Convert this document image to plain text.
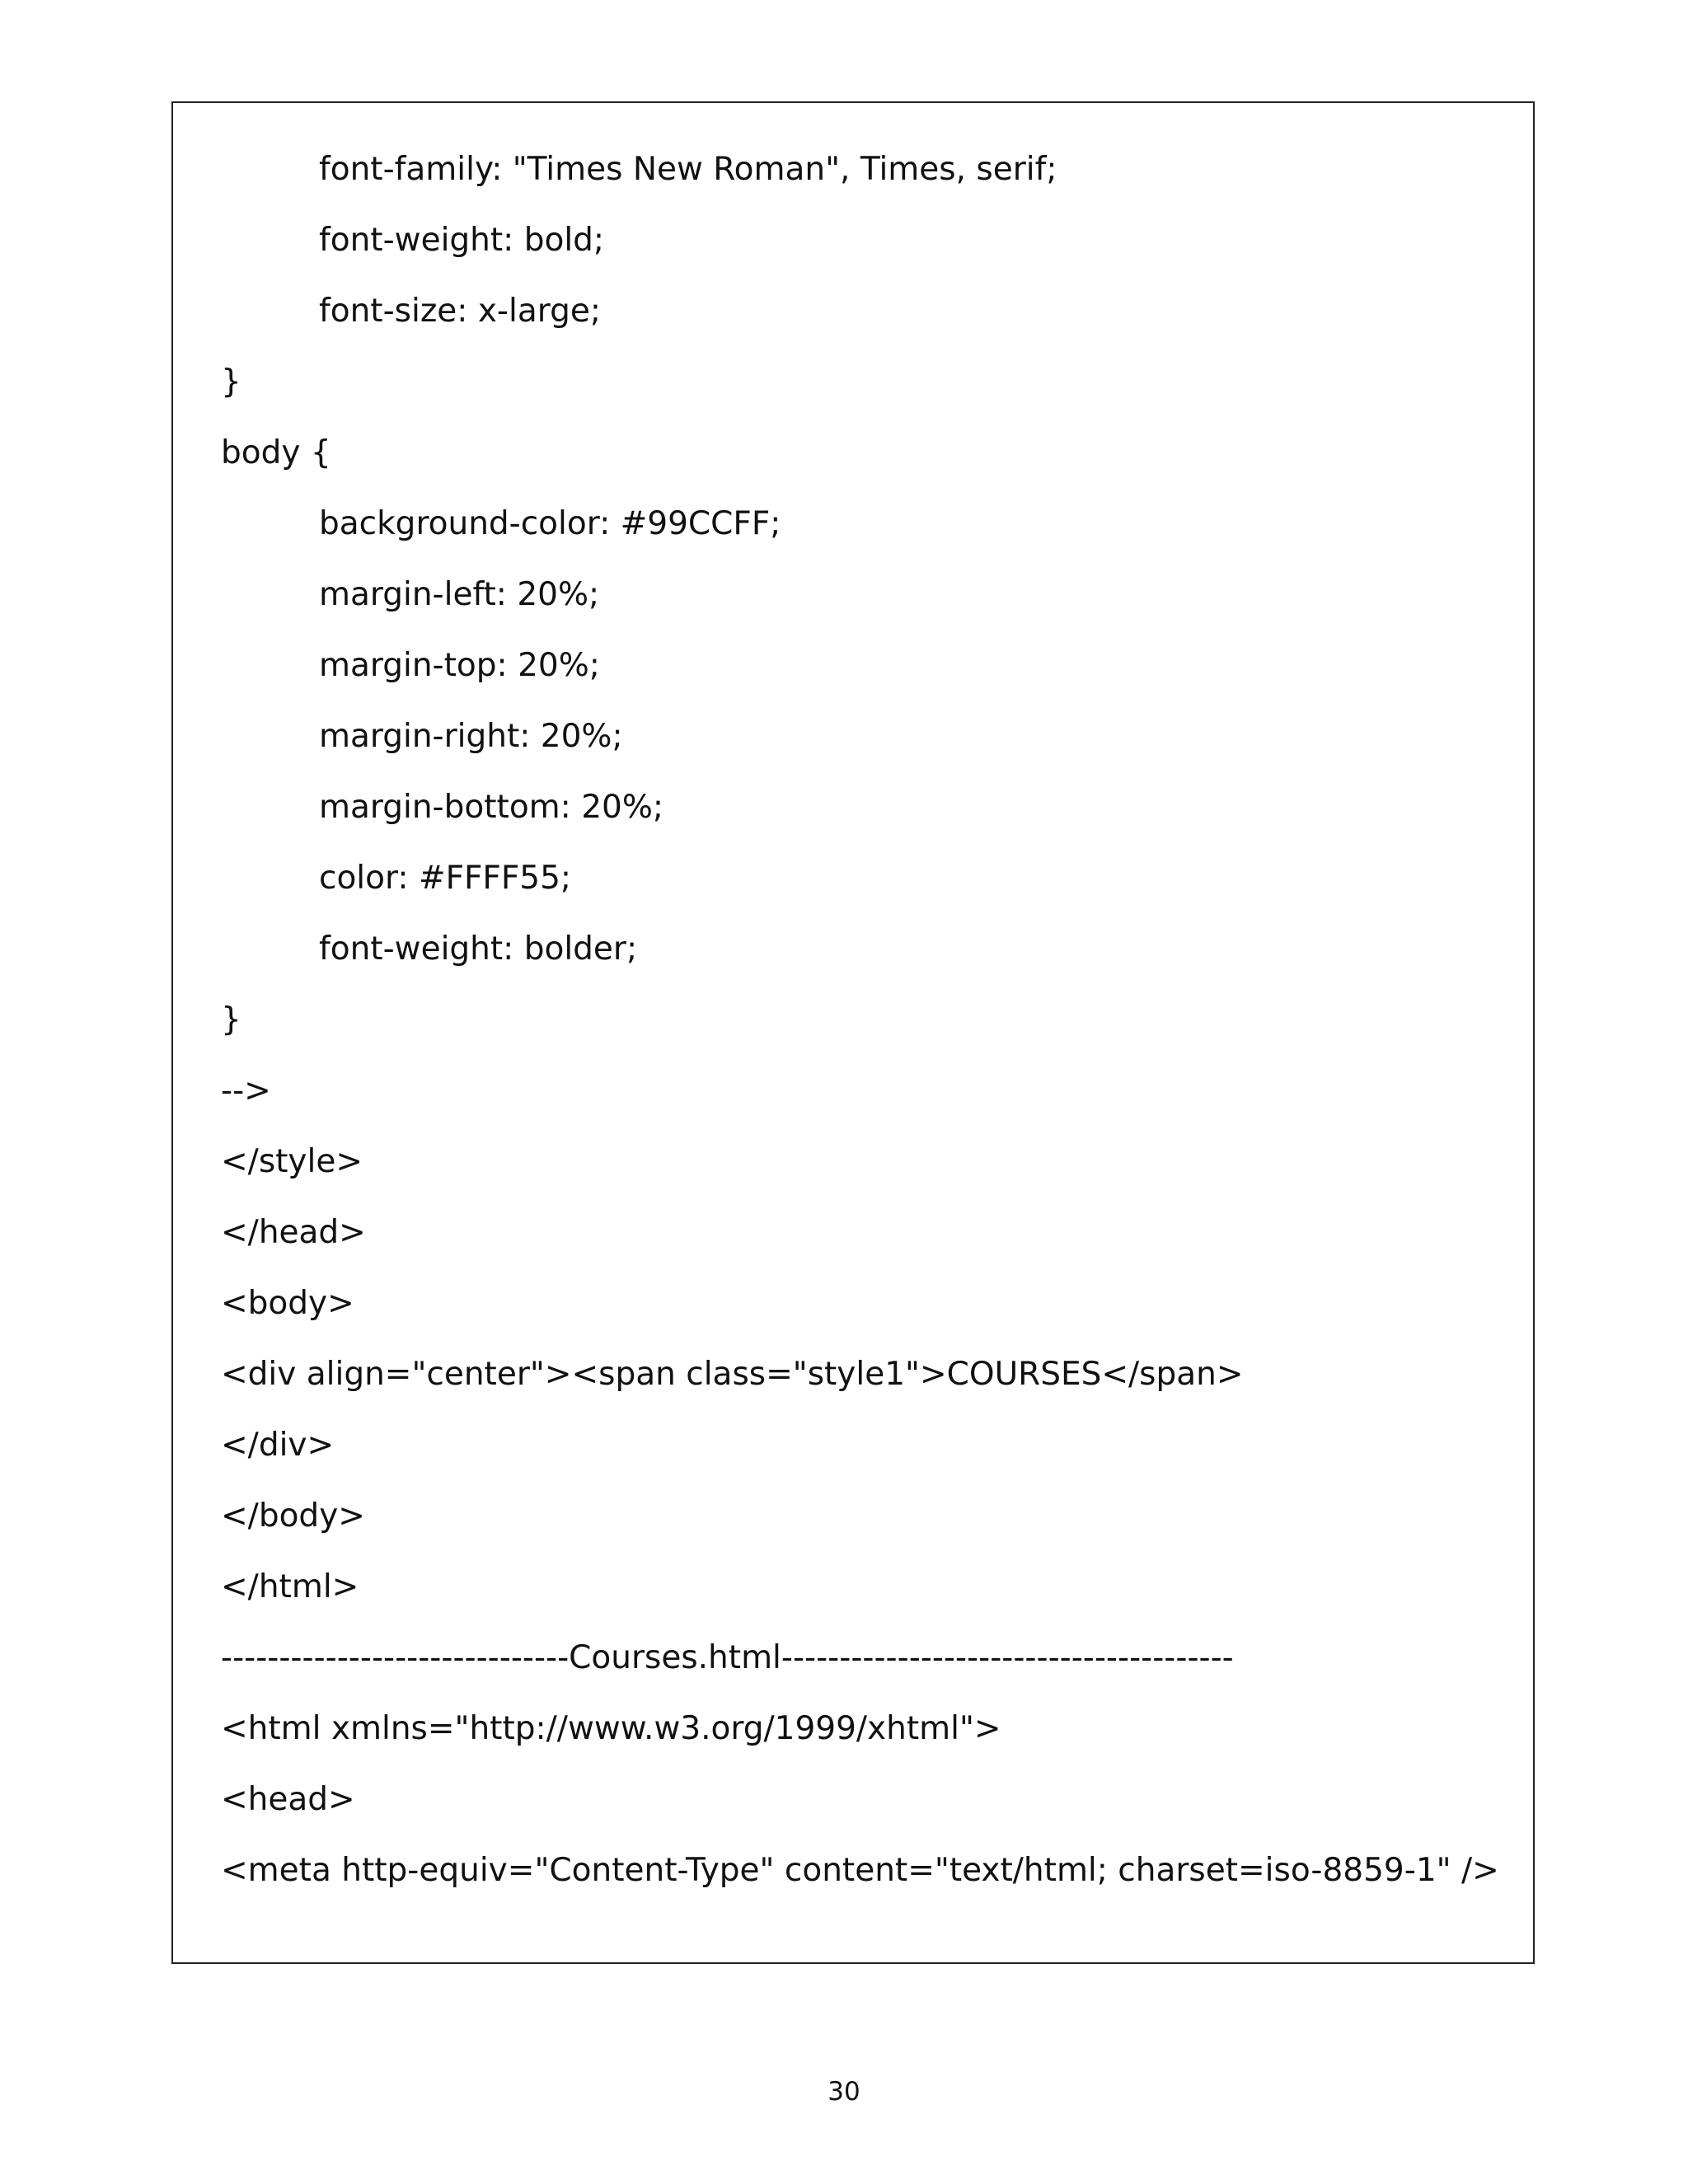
font-family: "Times New Roman", Times, serif;
font-weight: bold;
font-size: x-large;
}
body {
background-color: #99CCFF;
margin-left: 20%;
margin-top: 20%;
margin-right: 20%;
margin-bottom: 20%;
color: #FFFF55;
font-weight: bolder;
}
-->
</style>
</head>
<body>
<div align="center"><span class="style1">COURSES</span>
</div>
</body>
</html>
------------------------------Courses.html---------------------------------------
<html xmlns="http://www.w3.org/1999/xhtml">
<head>
<meta http-equiv="Content-Type" content="text/html; charset=iso-8859-1" />
30
